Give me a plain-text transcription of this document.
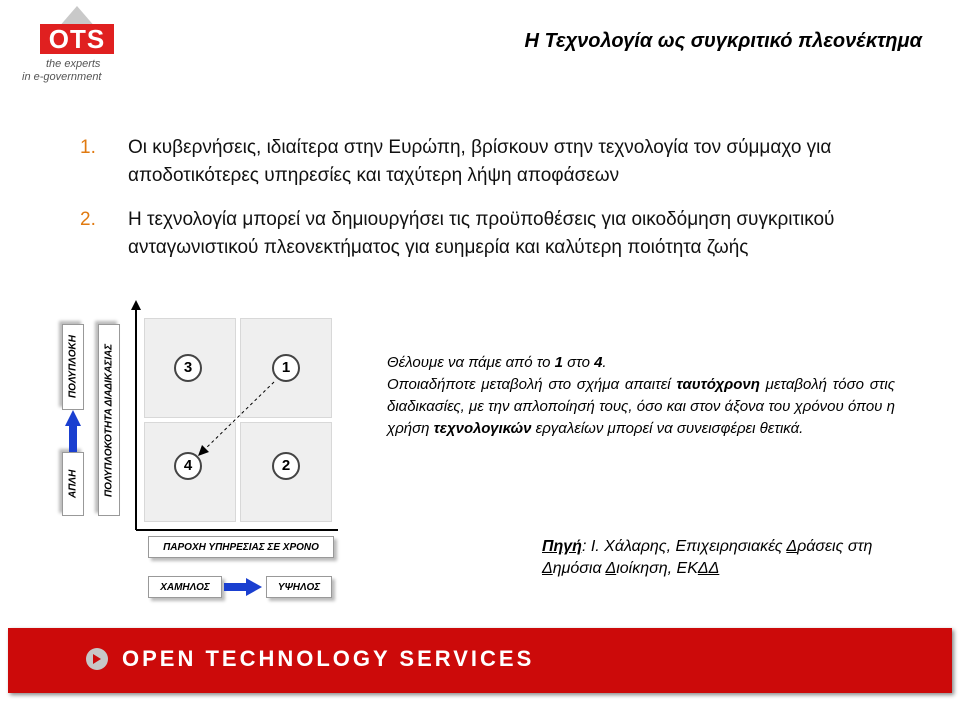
OTS
the experts
in e-government
Η Τεχνολογία ως συγκριτικό πλεονέκτημα
1. Οι κυβερνήσεις, ιδιαίτερα στην Ευρώπη, βρίσκουν στην τεχνολογία τον σύμμαχο για αποδοτικότερες υπηρεσίες και ταχύτερη λήψη αποφάσεων
2. Η τεχνολογία μπορεί να δημιουργήσει τις προϋποθέσεις για οικοδόμηση συγκριτικού ανταγωνιστικού πλεονεκτήματος για ευημερία και καλύτερη ποιότητα ζωής
ΠΟΛΥΠΛΟΚΗ
ΑΠΛΗ	ΠΟΛΥΠΛΟΚΟΤΗΤΑ ΔΙΑΔΙΚΑΣΙΑΣ	3	1
4	2
ΠΑΡΟΧΗ ΥΠΗΡΕΣΙΑΣ ΣΕ ΧΡΟΝΟ
ΧΑΜΗΛΟΣ	ΥΨΗΛΟΣ
Θέλουμε να πάμε από το 1 στο 4.
Οποιαδήποτε μεταβολή στο σχήμα απαιτεί ταυτόχρονη μεταβολή τόσο στις διαδικασίες, με την απλοποίησή τους, όσο και στον άξονα του χρόνου όπου η χρήση τεχνολογικών εργαλείων μπορεί να συνεισφέρει θετικά.
Πηγή: Ι. Χάλαρης, Επιχειρησιακές Δράσεις στη Δημόσια Διοίκηση, ΕΚΔΔ
OPEN TECHNOLOGY SERVICES
